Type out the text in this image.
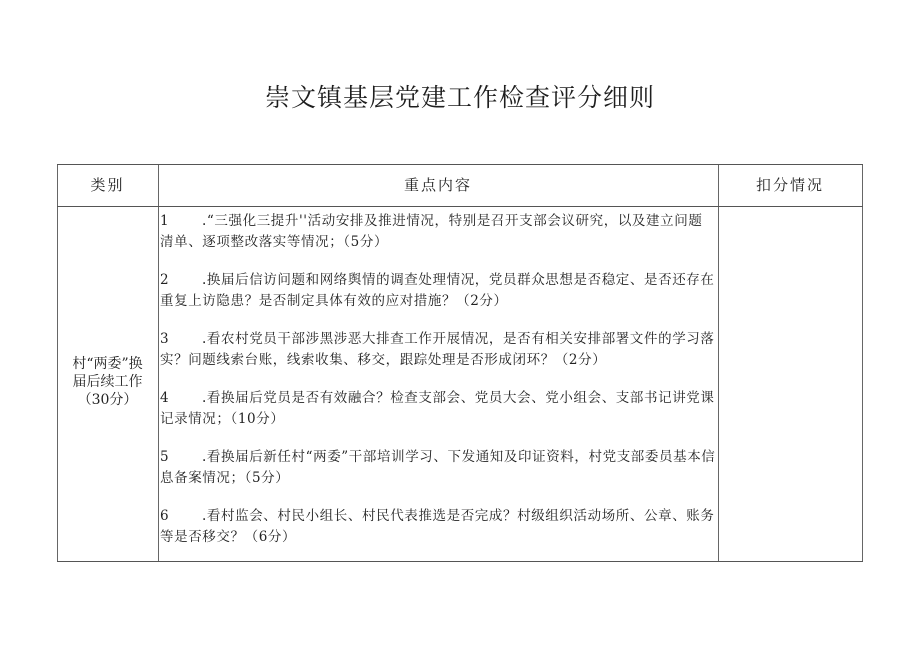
崇文镇基层党建工作检查评分细则
类别	重点内容	扣分情况
村“两委”换
届后续工作
（30分）
1 .“三强化三提升''活动安排及推进情况，特别是召开支部会议研究，以及建立问题清单、逐项整改落实等情况；（5分）
2 .换届后信访问题和网络舆情的调查处理情况，党员群众思想是否稳定、是否还存在重复上访隐患？是否制定具体有效的应对措施？（2分）
3 .看农村党员干部涉黑涉恶大排查工作开展情况，是否有相关安排部署文件的学习落实？问题线索台账，线索收集、移交，跟踪处理是否形成闭环？（2分）
4 .看换届后党员是否有效融合？检查支部会、党员大会、党小组会、支部书记讲党课记录情况；（10分）
5 .看换届后新任村“两委”干部培训学习、下发通知及印证资料，村党支部委员基本信息备案情况；（5分）
6 .看村监会、村民小组长、村民代表推选是否完成？村级组织活动场所、公章、账务等是否移交？（6分）
